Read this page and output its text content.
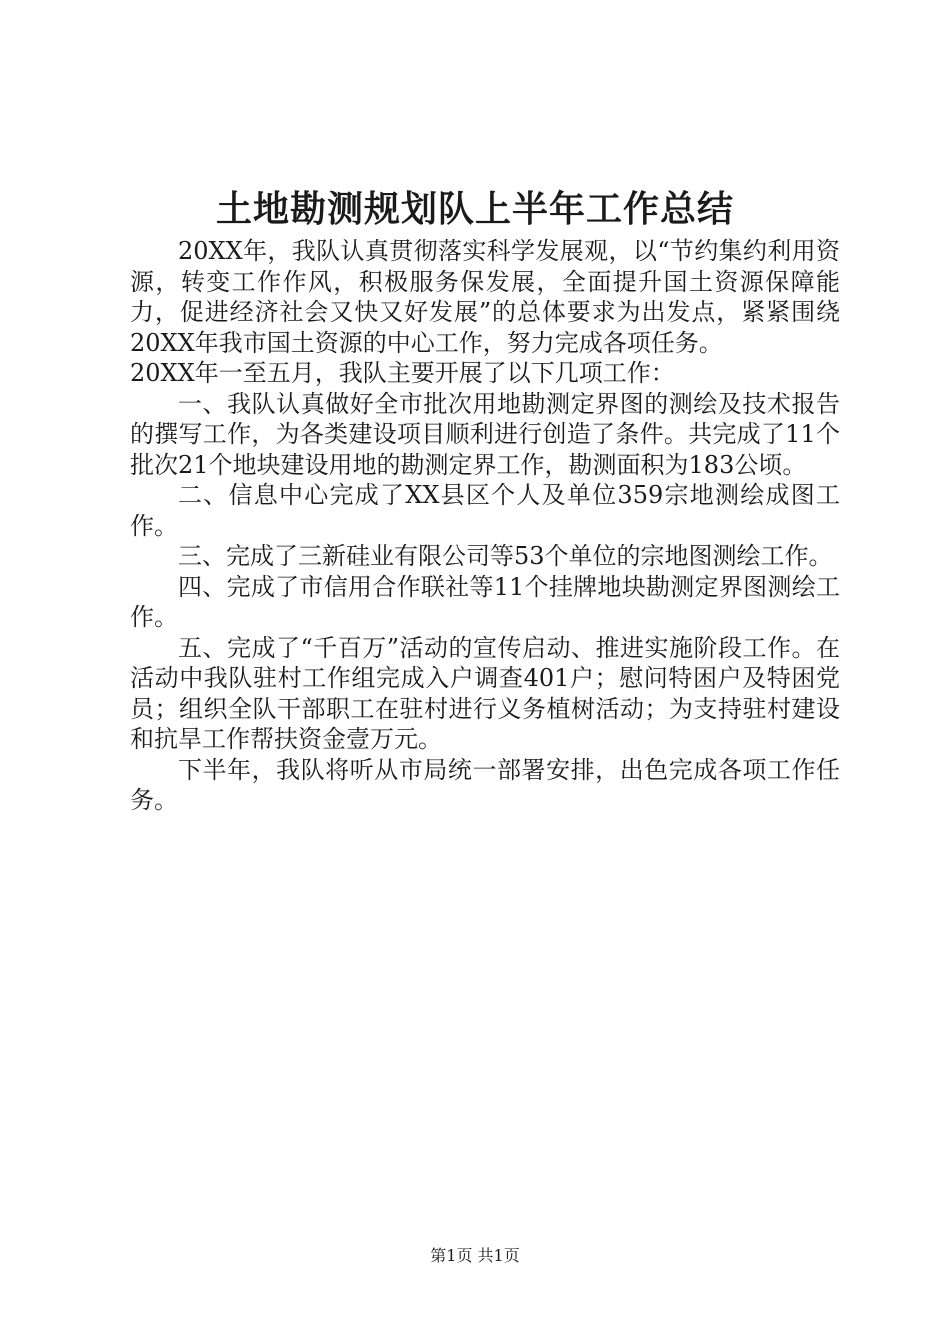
土地勘测规划队上半年工作总结

20XX年，我队认真贯彻落实科学发展观，以“节约集约利用资源，转变工作作风，积极服务保发展，全面提升国土资源保障能力，促进经济社会又快又好发展”的总体要求为出发点，紧紧围绕20XX年我市国土资源的中心工作，努力完成各项任务。

20XX年一至五月，我队主要开展了以下几项工作：

一、我队认真做好全市批次用地勘测定界图的测绘及技术报告的撰写工作，为各类建设项目顺利进行创造了条件。共完成了11个批次21个地块建设用地的勘测定界工作，勘测面积为183公顷。

二、信息中心完成了XX县区个人及单位359宗地测绘成图工作。

三、完成了三新硅业有限公司等53个单位的宗地图测绘工作。

四、完成了市信用合作联社等11个挂牌地块勘测定界图测绘工作。

五、完成了“千百万”活动的宣传启动、推进实施阶段工作。在活动中我队驻村工作组完成入户调查401户；慰问特困户及特困党员；组织全队干部职工在驻村进行义务植树活动；为支持驻村建设和抗旱工作帮扶资金壹万元。

下半年，我队将听从市局统一部署安排，出色完成各项工作任务。

第1页 共1页
